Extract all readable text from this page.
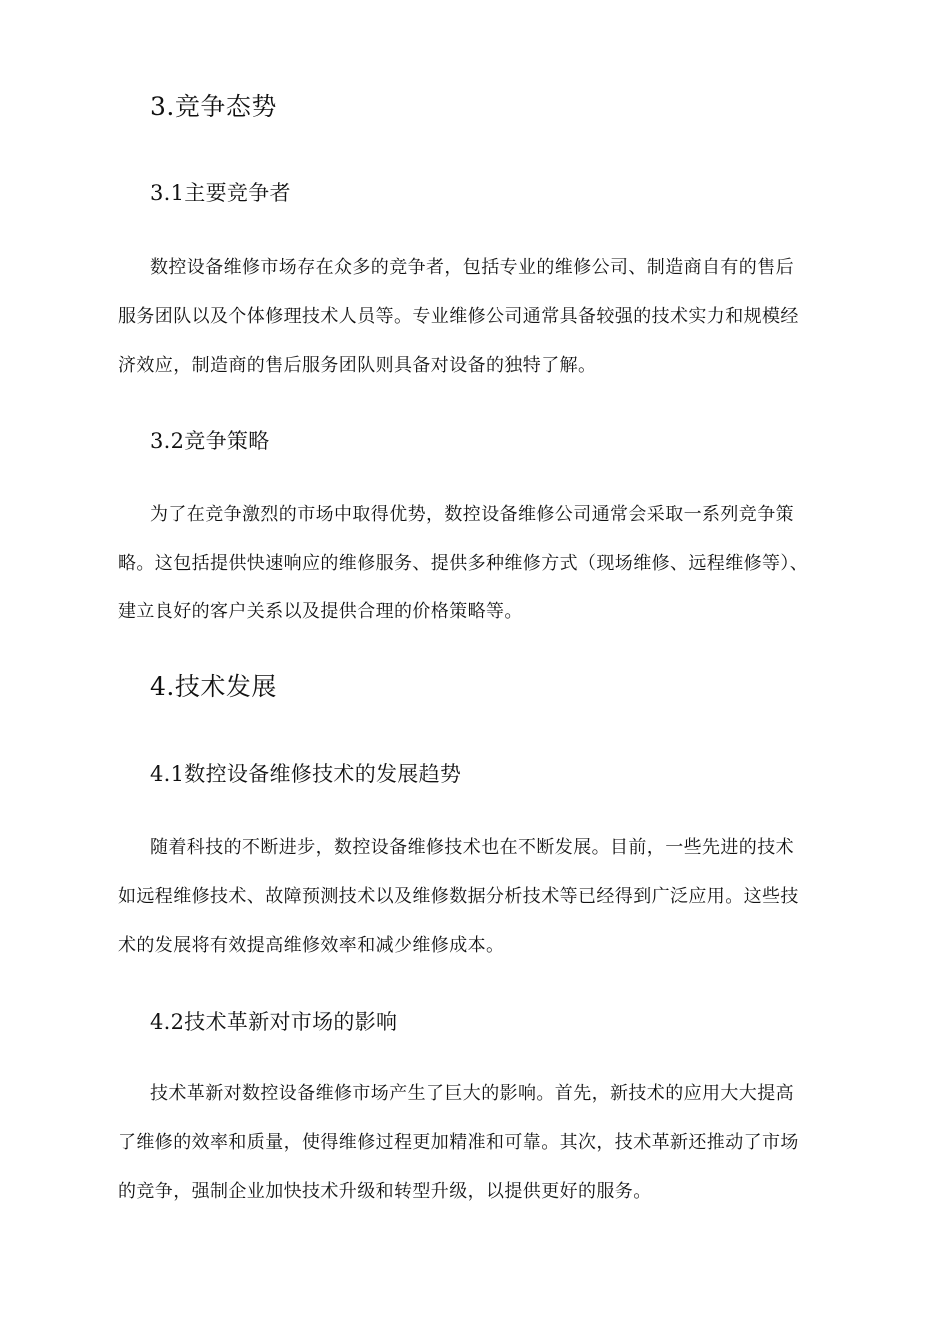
3.竞争态势
3.1主要竞争者
数控设备维修市场存在众多的竞争者，包括专业的维修公司、制造商自有的售后
服务团队以及个体修理技术人员等。专业维修公司通常具备较强的技术实力和规模经
济效应，制造商的售后服务团队则具备对设备的独特了解。
3.2竞争策略
为了在竞争激烈的市场中取得优势，数控设备维修公司通常会采取一系列竞争策
略。这包括提供快速响应的维修服务、提供多种维修方式（现场维修、远程维修等）、
建立良好的客户关系以及提供合理的价格策略等。
4.技术发展
4.1数控设备维修技术的发展趋势
随着科技的不断进步，数控设备维修技术也在不断发展。目前，一些先进的技术
如远程维修技术、故障预测技术以及维修数据分析技术等已经得到广泛应用。这些技
术的发展将有效提高维修效率和减少维修成本。
4.2技术革新对市场的影响
技术革新对数控设备维修市场产生了巨大的影响。首先，新技术的应用大大提高
了维修的效率和质量，使得维修过程更加精准和可靠。其次，技术革新还推动了市场
的竞争，强制企业加快技术升级和转型升级，以提供更好的服务。
